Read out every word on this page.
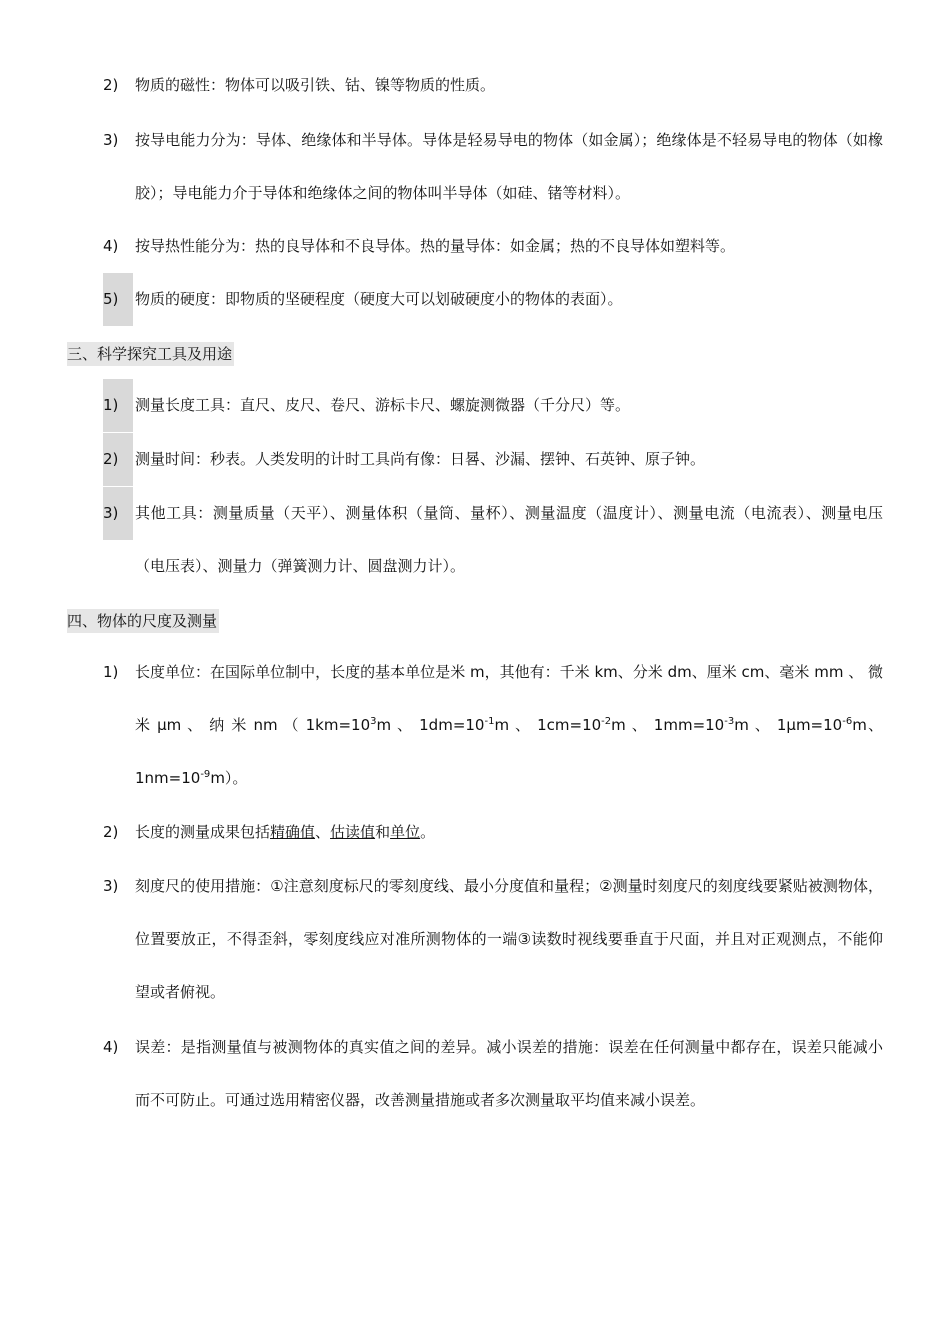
2)	物质的磁性：物体可以吸引铁、钴、镍等物质的性质。
3)	按导电能力分为：导体、绝缘体和半导体。导体是轻易导电的物体（如金属）；绝缘体是不轻易导电的物体（如橡胶）；导电能力介于导体和绝缘体之间的物体叫半导体（如硅、锗等材料）。
4)	按导热性能分为：热的良导体和不良导体。热的量导体：如金属；热的不良导体如塑料等。
5)	物质的硬度：即物质的坚硬程度（硬度大可以划破硬度小的物体的表面）。
三、科学探究工具及用途
1)	测量长度工具：直尺、皮尺、卷尺、游标卡尺、螺旋测微器（千分尺）等。
2)	测量时间：秒表。人类发明的计时工具尚有像：日晷、沙漏、摆钟、石英钟、原子钟。
3)	其他工具：测量质量（天平）、测量体积（量筒、量杯）、测量温度（温度计）、测量电流（电流表）、测量电压（电压表）、测量力（弹簧测力计、圆盘测力计）。
四、物体的尺度及测量
1)	长度单位：在国际单位制中，长度的基本单位是米 m，其他有：千米 km、分米 dm、厘米 cm、毫米 mm 、 微 米 μm 、 纳 米 nm （ $1km=10^3m$ 、 $1dm=10^{-1}m$ 、 $1cm=10^{-2}m$ 、 $1mm=10^{-3}m$ 、 $1\mu m=10^{-6}m$、$1nm=10^{-9}m$）。
2)	长度的测量成果包括精确值、估读值和单位。
3)	刻度尺的使用措施：①注意刻度标尺的零刻度线、最小分度值和量程；②测量时刻度尺的刻度线要紧贴被测物体，位置要放正，不得歪斜，零刻度线应对准所测物体的一端③读数时视线要垂直于尺面，并且对正观测点，不能仰望或者俯视。
4)	误差：是指测量值与被测物体的真实值之间的差异。减小误差的措施：误差在任何测量中都存在，误差只能减小而不可防止。可通过选用精密仪器，改善测量措施或者多次测量取平均值来减小误差。
